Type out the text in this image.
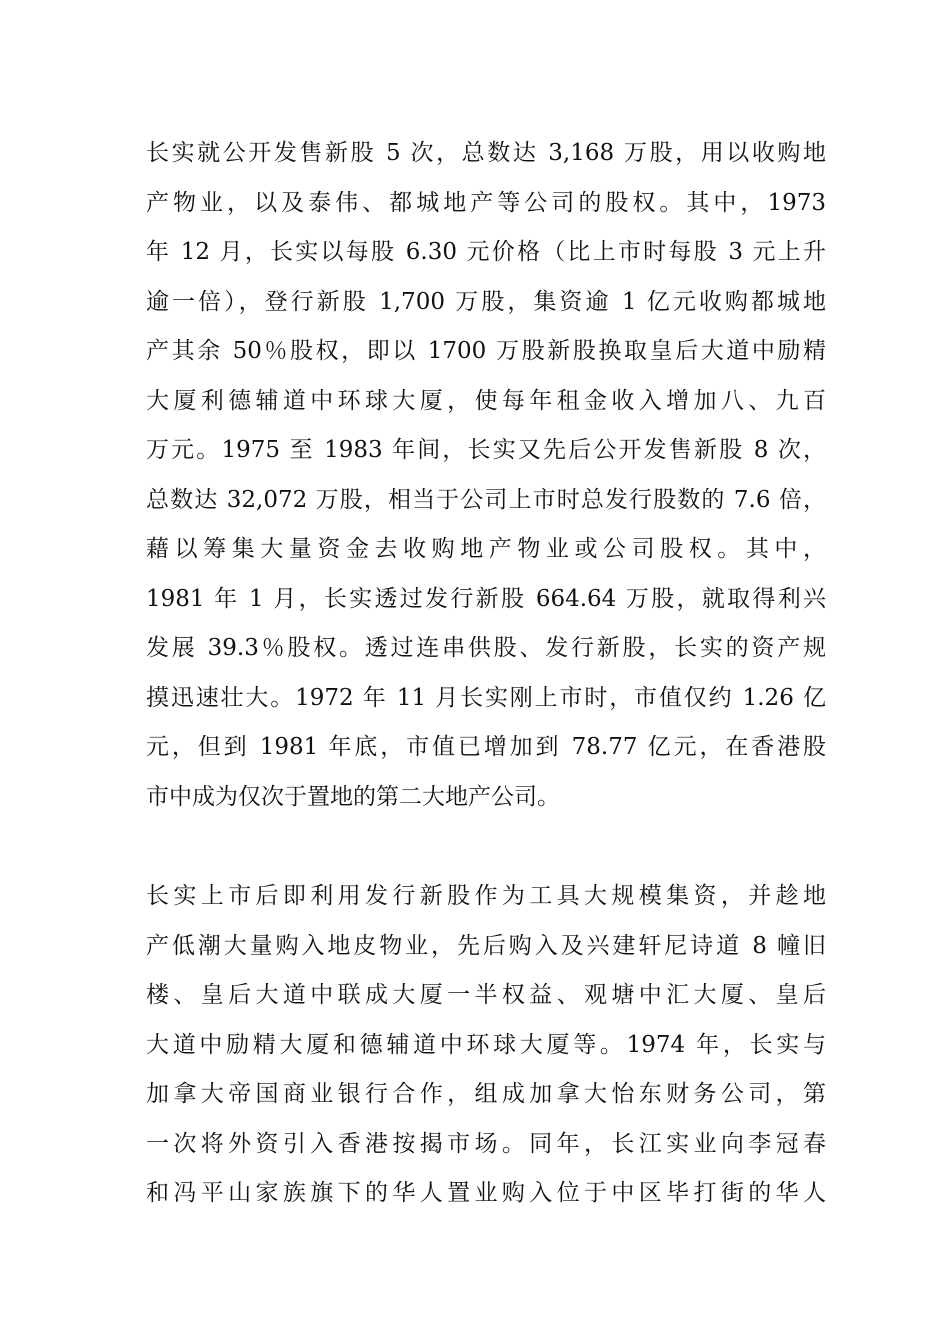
长实就公开发售新股 5 次，总数达 3,168 万股，用以收购地
产物业，以及泰伟、都城地产等公司的股权。其中，1973
年 12 月，长实以每股 6.30 元价格（比上市时每股 3 元上升
逾一倍），登行新股 1,700 万股，集资逾 1 亿元收购都城地
产其余 50％股权，即以 1700 万股新股换取皇后大道中励精
大厦利德辅道中环球大厦，使每年租金收入增加八、九百
万元。1975 至 1983 年间，长实又先后公开发售新股 8 次，
总数达 32,072 万股，相当于公司上市时总发行股数的 7.6 倍，
藉以筹集大量资金去收购地产物业或公司股权。其中，
1981 年 1 月，长实透过发行新股 664.64 万股，就取得利兴
发展 39.3％股权。透过连串供股、发行新股，长实的资产规
摸迅速壮大。1972 年 11 月长实刚上市时，市值仅约 1.26 亿
元，但到 1981 年底，市值已增加到 78.77 亿元，在香港股
市中成为仅次于置地的第二大地产公司。
长实上市后即利用发行新股作为工具大规模集资，并趁地
产低潮大量购入地皮物业，先后购入及兴建轩尼诗道 8 幢旧
楼、皇后大道中联成大厦一半权益、观塘中汇大厦、皇后
大道中励精大厦和德辅道中环球大厦等。1974 年，长实与
加拿大帝国商业银行合作，组成加拿大怡东财务公司，第
一次将外资引入香港按揭市场。同年，长江实业向李冠春
和冯平山家族旗下的华人置业购入位于中区毕打街的华人
